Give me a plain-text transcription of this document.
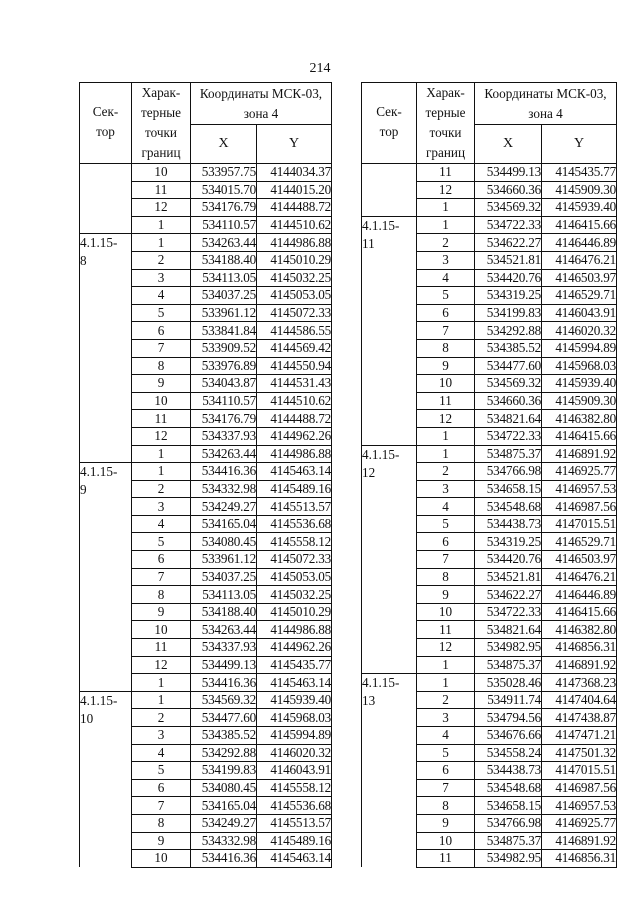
214
Сек-
тор	Харак- терные точки границ	Координаты МСК-03, зона 4	
		X	Y
	10	533957.75	4144034.37
	11	534015.70	4144015.20
	12	534176.79	4144488.72
	1	534110.57	4144510.62
4.1.15-
8	1	534263.44	4144986.88
	2	534188.40	4145010.29
	3	534113.05	4145032.25
	4	534037.25	4145053.05
	5	533961.12	4145072.33
	6	533841.84	4144586.55
	7	533909.52	4144569.42
	8	533976.89	4144550.94
	9	534043.87	4144531.43
	10	534110.57	4144510.62
	11	534176.79	4144488.72
	12	534337.93	4144962.26
	1	534263.44	4144986.88
4.1.15-
9	1	534416.36	4145463.14
	2	534332.98	4145489.16
	3	534249.27	4145513.57
	4	534165.04	4145536.68
	5	534080.45	4145558.12
	6	533961.12	4145072.33
	7	534037.25	4145053.05
	8	534113.05	4145032.25
	9	534188.40	4145010.29
	10	534263.44	4144986.88
	11	534337.93	4144962.26
	12	534499.13	4145435.77
	1	534416.36	4145463.14
4.1.15-
10	1	534569.32	4145939.40
	2	534477.60	4145968.03
	3	534385.52	4145994.89
	4	534292.88	4146020.32
	5	534199.83	4146043.91
	6	534080.45	4145558.12
	7	534165.04	4145536.68
	8	534249.27	4145513.57
	9	534332.98	4145489.16
	10	534416.36	4145463.14
Сек-
тор	Харак- терные точки границ	Координаты МСК-03, зона 4	
		X	Y
	11	534499.13	4145435.77
	12	534660.36	4145909.30
	1	534569.32	4145939.40
4.1.15-
11	1	534722.33	4146415.66
	2	534622.27	4146446.89
	3	534521.81	4146476.21
	4	534420.76	4146503.97
	5	534319.25	4146529.71
	6	534199.83	4146043.91
	7	534292.88	4146020.32
	8	534385.52	4145994.89
	9	534477.60	4145968.03
	10	534569.32	4145939.40
	11	534660.36	4145909.30
	12	534821.64	4146382.80
	1	534722.33	4146415.66
4.1.15-
12	1	534875.37	4146891.92
	2	534766.98	4146925.77
	3	534658.15	4146957.53
	4	534548.68	4146987.56
	5	534438.73	4147015.51
	6	534319.25	4146529.71
	7	534420.76	4146503.97
	8	534521.81	4146476.21
	9	534622.27	4146446.89
	10	534722.33	4146415.66
	11	534821.64	4146382.80
	12	534982.95	4146856.31
	1	534875.37	4146891.92
4.1.15-
13	1	535028.46	4147368.23
	2	534911.74	4147404.64
	3	534794.56	4147438.87
	4	534676.66	4147471.21
	5	534558.24	4147501.32
	6	534438.73	4147015.51
	7	534548.68	4146987.56
	8	534658.15	4146957.53
	9	534766.98	4146925.77
	10	534875.37	4146891.92
	11	534982.95	4146856.31
